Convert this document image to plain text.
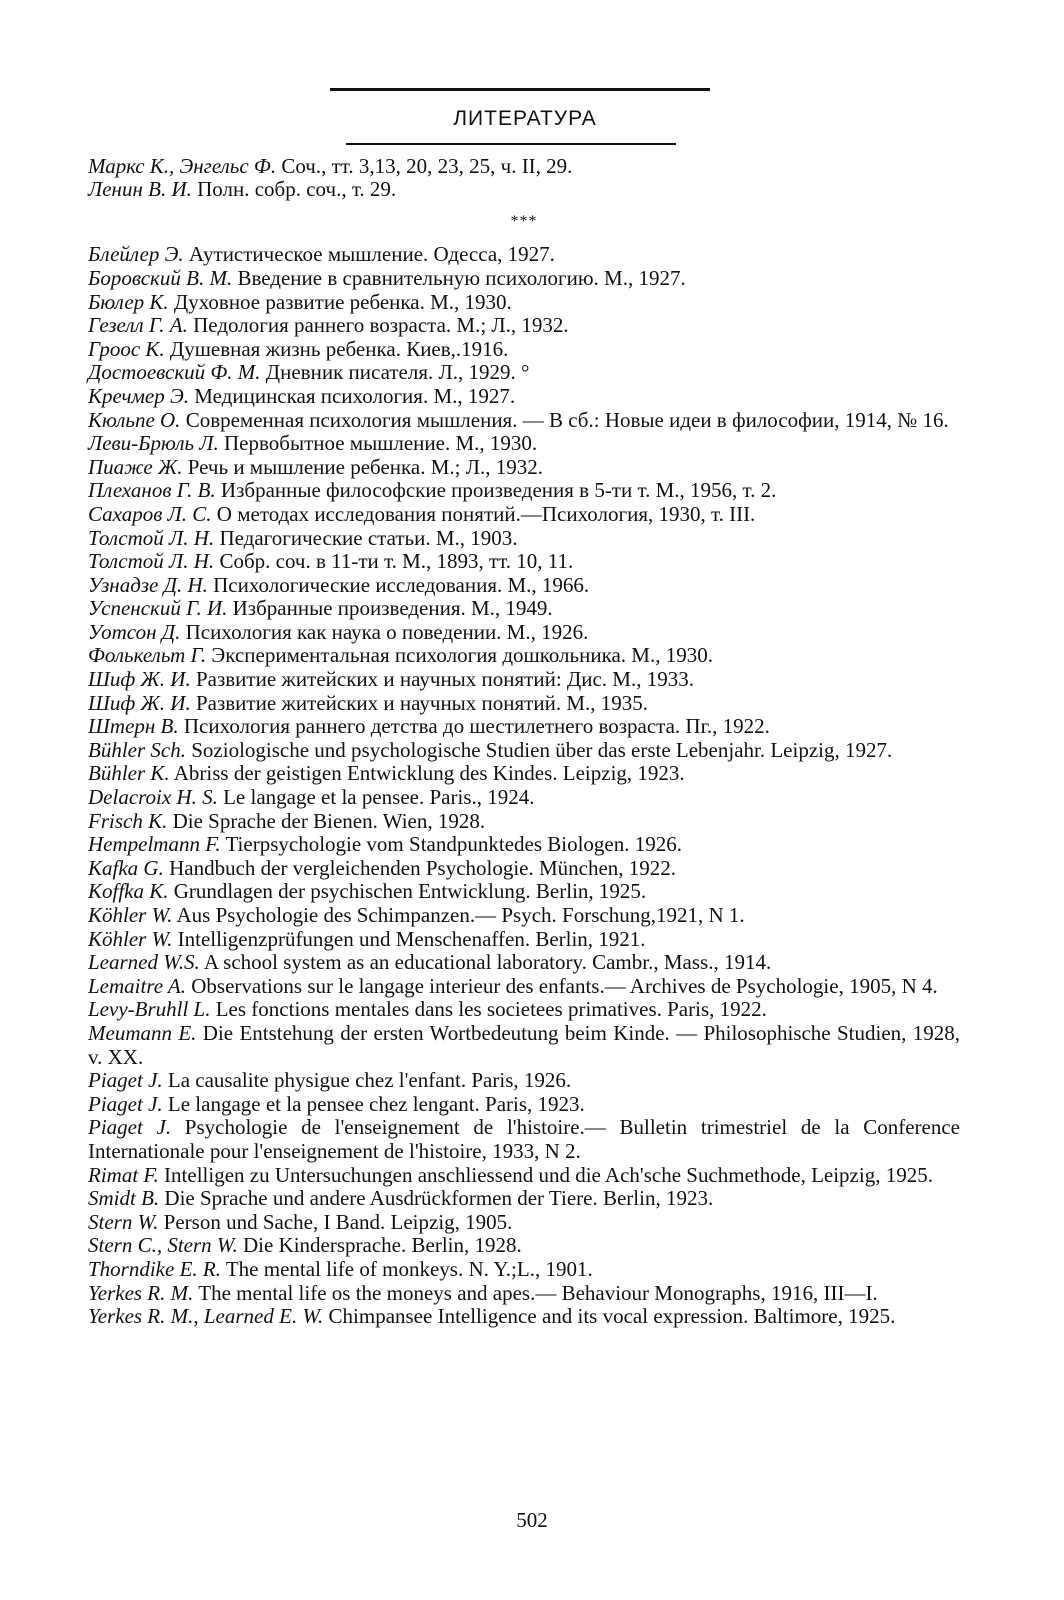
ЛИТЕРАТУРА

Маркс К., Энгельс Ф. Соч., тт. 3,13, 20, 23, 25, ч. II, 29.

Ленин В. И. Полн. собр. соч., т. 29.

***

Блейлер Э. Аутистическое мышление. Одесса, 1927.

Боровский В. М. Введение в сравнительную психологию. М., 1927.

Бюлер К. Духовное развитие ребенка. М., 1930.

Гезелл Г. А. Педология раннего возраста. М.; Л., 1932.

Гроос К. Душевная жизнь ребенка. Киев,.1916.

Достоевский Ф. М. Дневник писателя. Л., 1929. °

Кречмер Э. Медицинская психология. М., 1927.

Кюльпе О. Современная психология мышления. — В сб.: Новые идеи в философии, 1914, № 16.

Леви-Брюль Л. Первобытное мышление. М., 1930.

Пиаже Ж. Речь и мышление ребенка. М.; Л., 1932.

Плеханов Г. В. Избранные философские произведения в 5-ти т. М., 1956, т. 2.

Сахаров Л. С. О методах исследования понятий.—Психология, 1930, т. III.

Толстой Л. Н. Педагогические статьи. М., 1903.

Толстой Л. Н. Собр. соч. в 11-ти т. М., 1893, тт. 10, 11.

Узнадзе Д. Н. Психологические исследования. М., 1966.

Успенский Г. И. Избранные произведения. М., 1949.

Уотсон Д. Психология как наука о поведении. М., 1926.

Фолькельт Г. Экспериментальная психология дошкольника. М., 1930.

Шиф Ж. И. Развитие житейских и научных понятий: Дис. М., 1933.

Шиф Ж. И. Развитие житейских и научных понятий. М., 1935.

Штерн В. Психология раннего детства до шестилетнего возраста. Пг., 1922.

Bühler Sch. Soziologische und psychologische Studien über das erste Lebenjahr. Leipzig, 1927.

Bühler K. Abriss der geistigen Entwicklung des Kindes. Leipzig, 1923.

Delacroix H. S. Le langage et la pensee. Paris., 1924.

Frisch K. Die Sprache der Bienen. Wien, 1928.

Hempelmann F. Tierpsychologie vom Standpunktedes Biologen. 1926.

Kafka G. Handbuch der vergleichenden Psychologie. München, 1922.

Koffka K. Grundlagen der psychischen Entwicklung. Berlin, 1925.

Köhler W. Aus Psychologie des Schimpanzen.— Psych. Forschung,1921, N 1.

Köhler W. Intelligenzprüfungen und Menschenaffen. Berlin, 1921.

Learned W.S. A school system as an educational laboratory. Cambr., Mass., 1914.

Lemaitre A. Observations sur le langage interieur des enfants.— Archives de Psychologie, 1905, N 4.

Levy-Bruhll L. Les fonctions mentales dans les societees primatives. Paris, 1922.

Meumann E. Die Entstehung der ersten Wortbedeutung beim Kinde. — Philosophische Studien, 1928, v. XX.

Piaget J. La causalite physigue chez l'enfant. Paris, 1926.

Piaget J. Le langage et la pensee chez lengant. Paris, 1923.

Piaget J. Psychologie de l'enseignement de l'histoire.— Bulletin trimestriel de la Conference Internationale pour l'enseignement de l'histoire, 1933, N 2.

Rimat F. Intelligen zu Untersuchungen anschliessend und die Ach'sche Suchmethode, Leipzig, 1925.

Smidt B. Die Sprache und andere Ausdrückformen der Tiere. Berlin, 1923.

Stern W. Person und Sache, I Band. Leipzig, 1905.

Stern C., Stern W. Die Kindersprache. Berlin, 1928.

Thorndike E. R. The mental life of monkeys. N. Y.;L., 1901.

Yerkes R. M. The mental life os the moneys and apes.— Behaviour Monographs, 1916, III—I.

Yerkes R. M., Learned E. W. Chimpansee Intelligence and its vocal expression. Baltimore, 1925.

502
